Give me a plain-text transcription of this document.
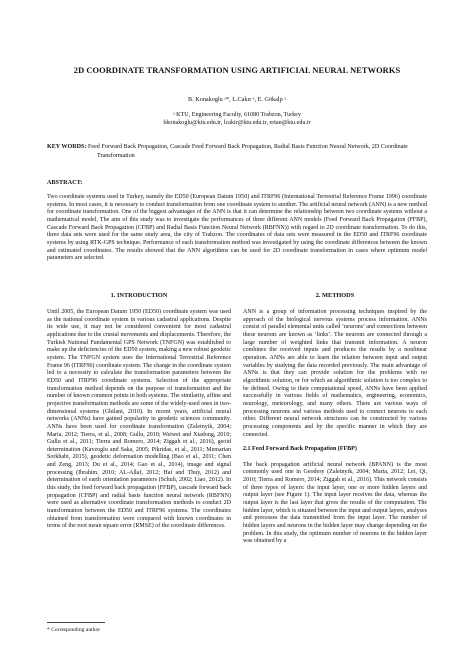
2D COORDINATE TRANSFORMATION USING ARTIFICIAL NEURAL NETWORKS
B. Konakoglu ᵃ*, L.Cakır ᵃ, E. Gökalp ᵃ
ᵃ KTU, Engineering Faculty, 61080 Trabzon, Turkey
bkonakoglu@ktu.edu.tr, lcakir@ktu.edu.tr, ertan@ktu.edu.tr
KEY WORDS: Feed Forward Back Propagation, Cascade Feed Forward Back Propagation, Radial Basis Function Neural Network, 2D Coordinate Transformation
ABSTRACT:
Two coordinate systems used in Turkey, namely the ED50 (European Datum 1950) and ITRF96 (International Terrestrial Reference Frame 1996) coordinate systems. In most cases, it is necessary to conduct transformation from one coordinate system to another. The artificial neural network (ANN) is a new method for coordinate transformation. One of the biggest advantages of the ANN is that it can determine the relationship between two coordinate systems without a mathematical model. The aim of this study was to investigate the performances of three different ANN models (Feed Forward Back Propagation (FFBP), Cascade Forward Back Propagation (CFBP) and Radial Basis Function Neural Network (RBFNN)) with regard to 2D coordinate transformation. To do this, three data sets were used for the same study area, the city of Trabzon. The coordinates of data sets were measured in the ED50 and ITRF96 coordinate systems by using RTK-GPS technique. Performance of each transformation method was investigated by using the coordinate differences between the known and estimated coordinates. The results showed that the ANN algorithms can be used for 2D coordinate transformation in cases where optimum model parameters are selected.
1. INTRODUCTION

Until 2005, the European Datum 1950 (ED50) coordinate system was used as the national coordinate system in various cadastral applications. Despite its wide use, it may not be considered convenient for most cadastral applications due to the crustal movements and displacements. Therefore, the Turkish National Fundamental GPS Network (TNFGN) was established to make up the deficiencies of the ED50 system, making a new robust geodetic system. The TNFGN system uses the International Terrestrial Reference Frame 96 (ITRF96) coordinate system. The change in the coordinate system led to a necessity to calculate the transformation parameters between the ED50 and ITRF96 coordinate systems. Selection of the appropriate transformation method depends on the purpose of transformation and the number of known common points in both systems. The similarity, affine and projective transformation methods are some of the widely-used ones in two-dimensional systems (Ghilani, 2010). In recent years, artificial neural networks (ANNs) have gained popularity in geodetic sciences community. ANNs have been used for coordinate transformation (Zaletnyik, 2004; Maria, 2012; Tierra, et al., 2008; Gullu, 2010; Weiwei and Xiadong, 2010; Gullu et al., 2011; Tierra and Romero, 2014; Ziggah et al., 2016), geoid determination (Kavzoglu and Saka, 2005; Pikridas, et al., 2011; Memarian Sorkhabi, 2015), geodetic deformation modelling (Bao et al., 2011; Chen and Zeng, 2013; Du et al., 2014; Gao et al., 2014), image and signal processing (Ibrahim, 2010; AL-Allaf, 2012; Hai and Thuy, 2012) and determination of earth orientation parameters (Schuh, 2002; Liao, 2012). In this study, the feed forward back propagation (FFBP), cascade forward back propagation (CFBP) and radial basis function neural network (RBFNN) were used as alternative coordinate transformation methods to conduct 2D transformation between the ED50 and ITRF96 systems. The coordinates obtained from transformation were compared with known coordinates in terms of the root mean square error (RMSE) of the coordinate differences.

2. METHODS

ANN is a group of information processing techniques inspired by the approach of the biological nervous systems process information. ANNs consist of parallel elemental units called ‘neurons’ and connections between these neurons are known as ‘links’. The neurons are connected through a large number of weighted links that transmit information. A neuron combines the received inputs and produces the results by a nonlinear operation. ANNs are able to learn the relation between input and output variables by studying the data recorded previously. The main advantage of ANNs is that they can provide solution for the problems with no algorithmic solution, or for which an algorithmic solution is too complex to be defined. Owing to their computational speed, ANNs have been applied successfully in various fields of mathematics, engineering, economics, neurology, meteorology, and many others. There are various ways of processing neurons and various methods used to connect neurons to each other. Different neural network structures can be constructed by various processing components and by the specific manner in which they are connected.

2.1 Feed Forward Back Propagation (FFBP)

The back propagation artificial neural network (BPANN) is the most commonly used one in Geodesy (Zaletnyik, 2004; Maria, 2012; Lei, Qi, 2010; Tierra and Romero, 2014; Ziggah et al., 2016). This network consists of three types of layers: the input layer, one or more hidden layers and output layer (see Figure 1). The input layer receives the data, whereas the output layer is the last layer that gives the results of the computation. The hidden layer, which is situated between the input and output layers, analyses and processes the data transmitted from the input layer. The number of hidden layers and neurons in the hidden layer may change depending on the problem. In this study, the optimum number of neurons in the hidden layer was obtained by a

* Corresponding author
